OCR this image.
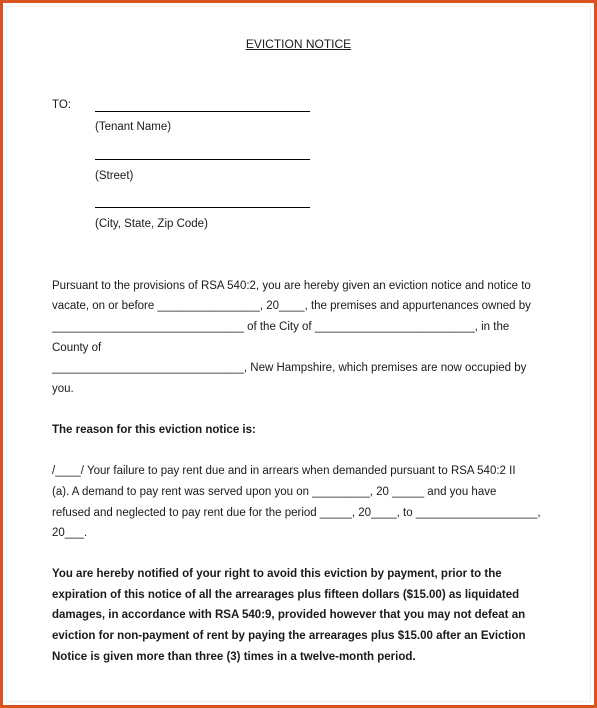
EVICTION NOTICE
TO:
(Tenant Name)
(Street)
(City, State, Zip Code)
Pursuant to the provisions of RSA 540:2, you are hereby given an eviction notice and notice to
vacate, on or before ________________, 20____, the premises and appurtenances owned by
______________________________ of the City of _________________________, in the
County of
______________________________, New Hampshire, which premises are now occupied by
you.
The reason for this eviction notice is:
/____/ Your failure to pay rent due and in arrears when demanded pursuant to RSA 540:2 II
(a). A demand to pay rent was served upon you on _________, 20 _____ and you have
refused and neglected to pay rent due for the period _____, 20____, to ___________________,
20___.
You are hereby notified of your right to avoid this eviction by payment, prior to the
expiration of this notice of all the arrearages plus fifteen dollars ($15.00) as liquidated
damages, in accordance with RSA 540:9, provided however that you may not defeat an
eviction for non-payment of rent by paying the arrearages plus $15.00 after an Eviction
Notice is given more than three (3) times in a twelve-month period.
